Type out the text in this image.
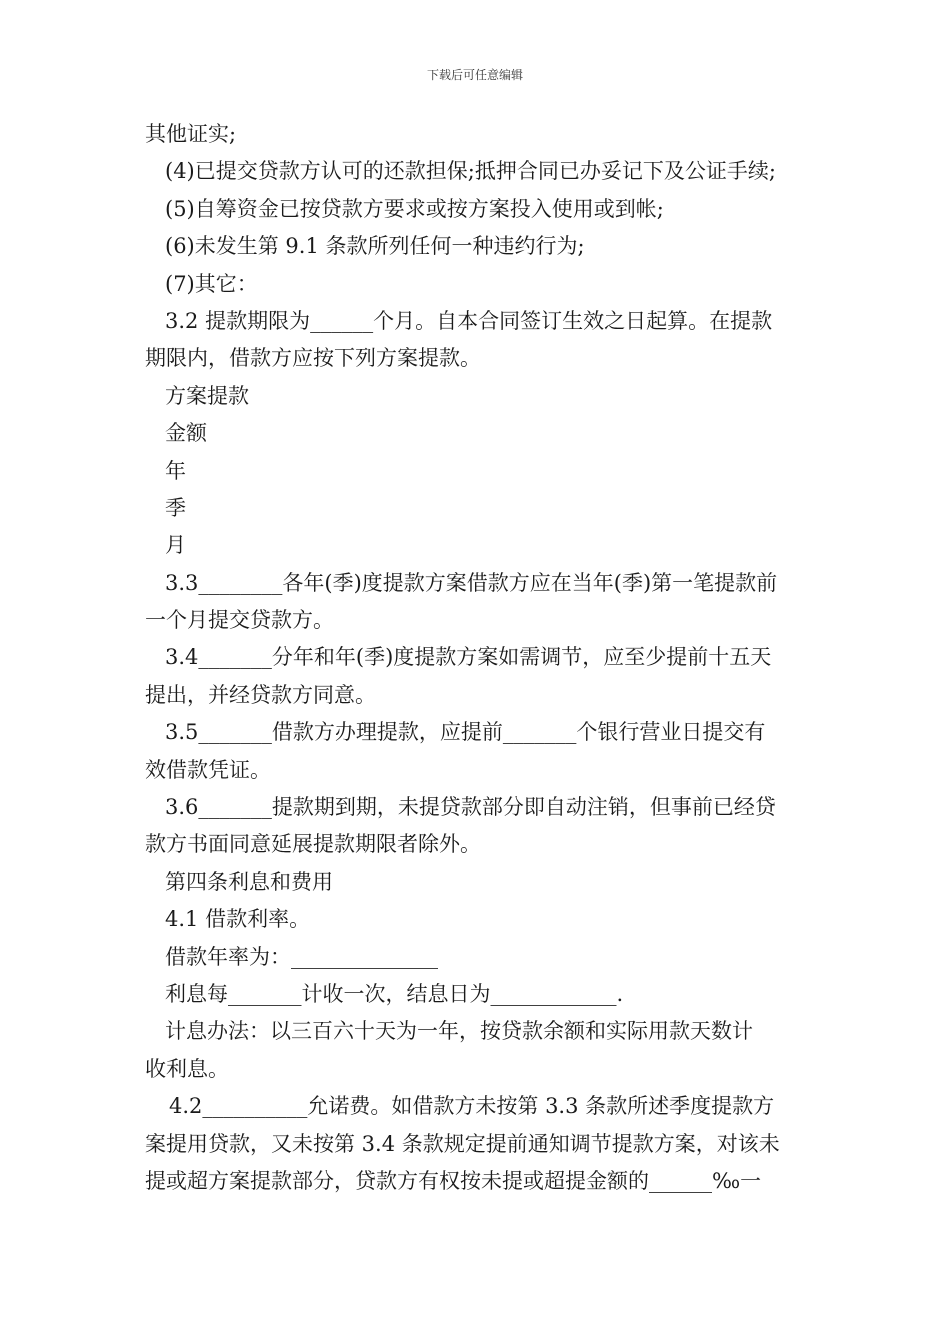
下载后可任意编辑
其他证实;
(4)已提交贷款方认可的还款担保;抵押合同已办妥记下及公证手续;
(5)自筹资金已按贷款方要求或按方案投入使用或到帐;
(6)未发生第 9.1 条款所列任何一种违约行为;
(7)其它：
3.2 提款期限为______个月。自本合同签订生效之日起算。在提款
期限内，借款方应按下列方案提款。
方案提款
金额
年
季
月
3.3________各年(季)度提款方案借款方应在当年(季)第一笔提款前
一个月提交贷款方。
3.4_______分年和年(季)度提款方案如需调节，应至少提前十五天
提出，并经贷款方同意。
3.5_______借款方办理提款，应提前_______个银行营业日提交有
效借款凭证。
3.6_______提款期到期，未提贷款部分即自动注销，但事前已经贷
款方书面同意延展提款期限者除外。
第四条利息和费用
4.1 借款利率。
借款年率为：______________
利息每_______计收一次，结息日为____________.
计息办法：以三百六十天为一年，按贷款余额和实际用款天数计
收利息。
4.2__________允诺费。如借款方未按第 3.3 条款所述季度提款方
案提用贷款，又未按第 3.4 条款规定提前通知调节提款方案，对该未
提或超方案提款部分，贷款方有权按未提或超提金额的______‰一
